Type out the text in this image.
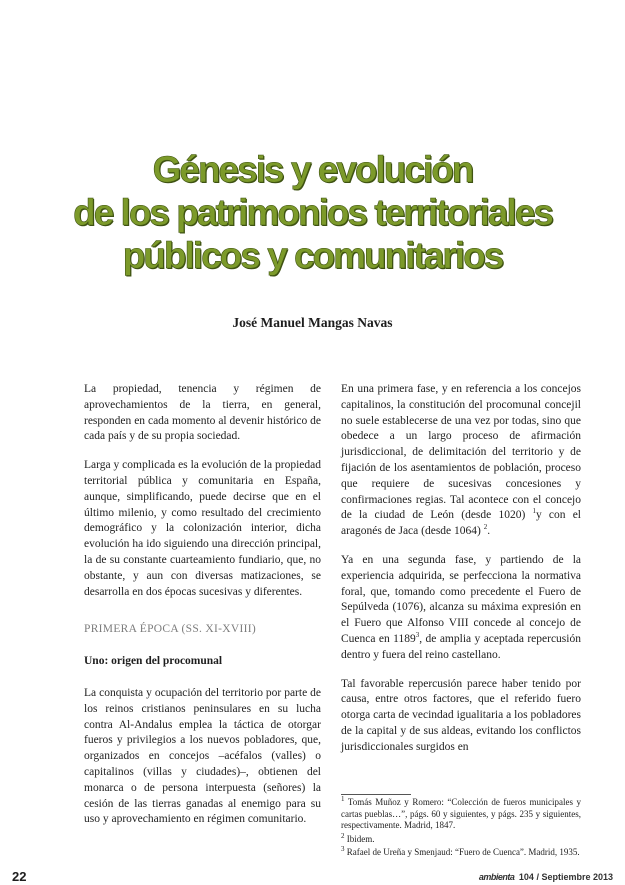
Génesis y evolución
de los patrimonios territoriales
públicos y comunitarios
José Manuel Mangas Navas

La propiedad, tenencia y régimen de aprovechamientos de la tierra, en general, responden en cada momento al devenir histórico de cada país y de su propia sociedad.

Larga y complicada es la evolución de la propiedad territorial pública y comunitaria en España, aunque, simplificando, puede decirse que en el último milenio, y como resultado del crecimiento demográfico y la colonización interior, dicha evolución ha ido siguiendo una dirección principal, la de su constante cuarteamiento fundiario, que, no obstante, y aun con diversas matizaciones, se desarrolla en dos épocas sucesivas y diferentes.

PRIMERA ÉPOCA (SS. XI-XVIII)

Uno: origen del procomunal

La conquista y ocupación del territorio por parte de los reinos cristianos peninsulares en su lucha contra Al-Andalus emplea la táctica de otorgar fueros y privilegios a los nuevos pobladores, que, organizados en concejos –acéfalos (valles) o capitalinos (villas y ciudades)–, obtienen del monarca o de persona interpuesta (señores) la cesión de las tierras ganadas al enemigo para su uso y aprovechamiento en régimen comunitario.

En una primera fase, y en referencia a los concejos capitalinos, la constitución del procomunal concejil no suele establecerse de una vez por todas, sino que obedece a un largo proceso de afirmación jurisdiccional, de delimitación del territorio y de fijación de los asentamientos de población, proceso que requiere de sucesivas concesiones y confirmaciones regias. Tal acontece con el concejo de la ciudad de León (desde 1020) $^1$y con el aragonés de Jaca (desde 1064) $^2$.

Ya en una segunda fase, y partiendo de la experiencia adquirida, se perfecciona la normativa foral, que, tomando como precedente el Fuero de Sepúlveda (1076), alcanza su máxima expresión en el Fuero que Alfonso VIII concede al concejo de Cuenca en 1189$^3$, de amplia y aceptada repercusión dentro y fuera del reino castellano.

Tal favorable repercusión parece haber tenido por causa, entre otros factores, que el referido fuero otorga carta de vecindad igualitaria a los pobladores de la capital y de sus aldeas, evitando los conflictos jurisdiccionales surgidos en

$^1$ Tomás Muñoz y Romero: “Colección de fueros municipales y cartas pueblas…”, págs. 60 y siguientes, y págs. 235 y siguientes, respectivamente. Madrid, 1847.

$^2$ Ibidem.

$^3$ Rafael de Ureña y Smenjaud: “Fuero de Cuenca”. Madrid, 1935.

22	ambienta 104 / Septiembre 2013
